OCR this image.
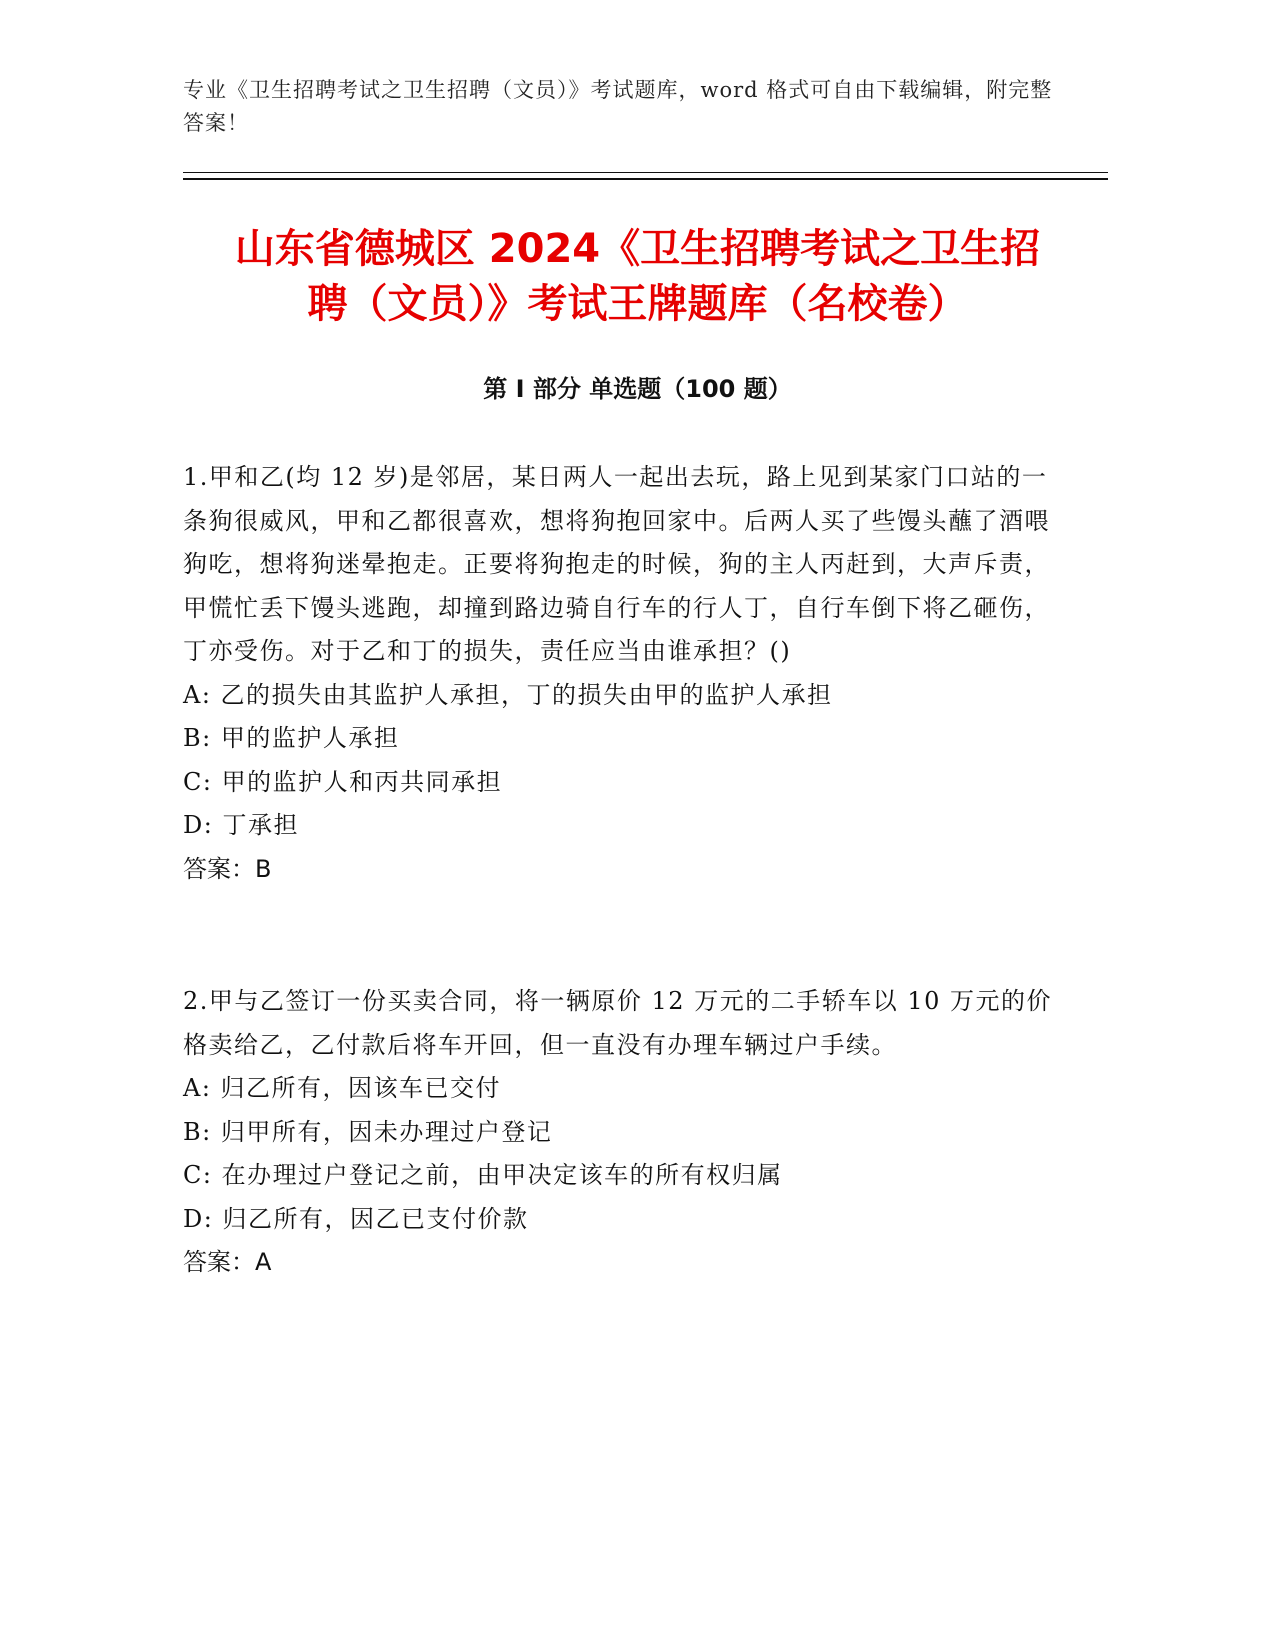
专业《卫生招聘考试之卫生招聘（文员）》考试题库，word 格式可自由下载编辑，附完整答案！
山东省德城区 2024《卫生招聘考试之卫生招
聘（文员）》考试王牌题库（名校卷）
第 I 部分 单选题（100 题）
1.甲和乙(均 12 岁)是邻居，某日两人一起出去玩，路上见到某家门口站的一条狗很威风，甲和乙都很喜欢，想将狗抱回家中。后两人买了些馒头蘸了酒喂狗吃，想将狗迷晕抱走。正要将狗抱走的时候，狗的主人丙赶到，大声斥责，甲慌忙丢下馒头逃跑，却撞到路边骑自行车的行人丁，自行车倒下将乙砸伤，丁亦受伤。对于乙和丁的损失，责任应当由谁承担？()
A: 乙的损失由其监护人承担，丁的损失由甲的监护人承担
B: 甲的监护人承担
C: 甲的监护人和丙共同承担
D: 丁承担
答案：B
2.甲与乙签订一份买卖合同，将一辆原价 12 万元的二手轿车以 10 万元的价格卖给乙，乙付款后将车开回，但一直没有办理车辆过户手续。
A: 归乙所有，因该车已交付
B: 归甲所有，因未办理过户登记
C: 在办理过户登记之前，由甲决定该车的所有权归属
D: 归乙所有，因乙已支付价款
答案：A
